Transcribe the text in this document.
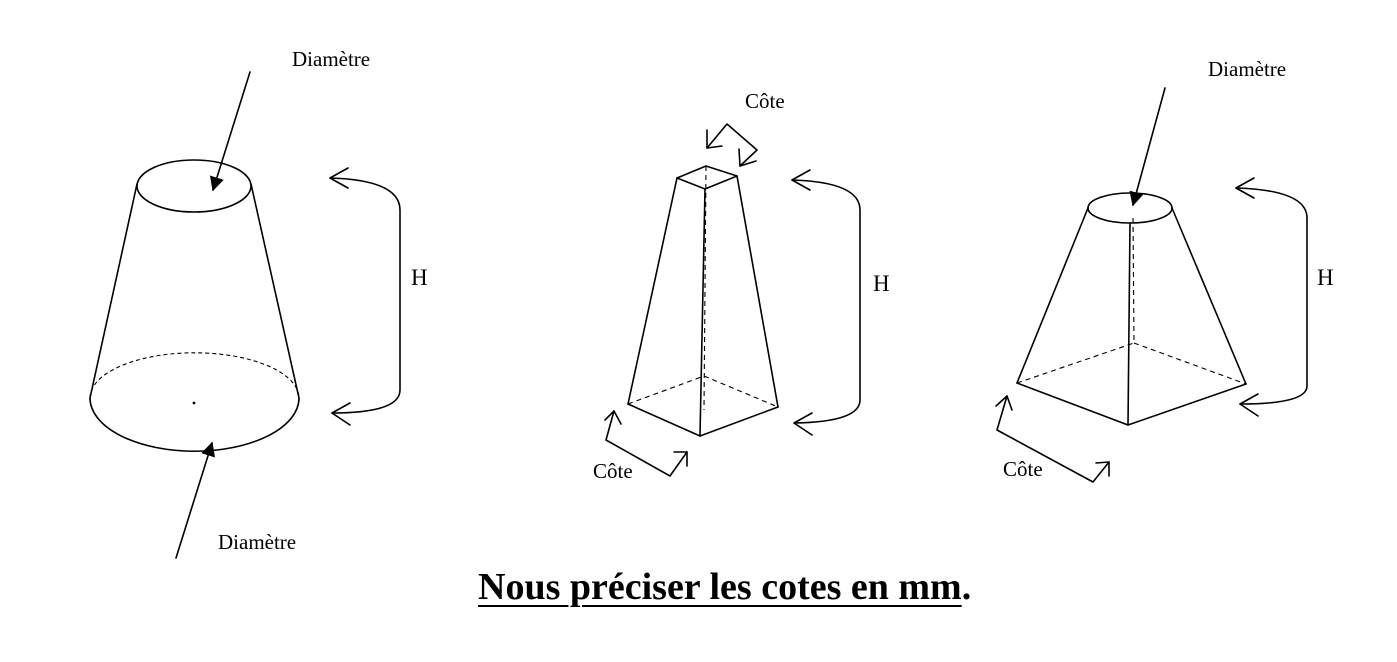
Diamètre
Diamètre
H
Côte
Côte
H
Diamètre
Côte
H
Nous préciser les cotes en mm.
